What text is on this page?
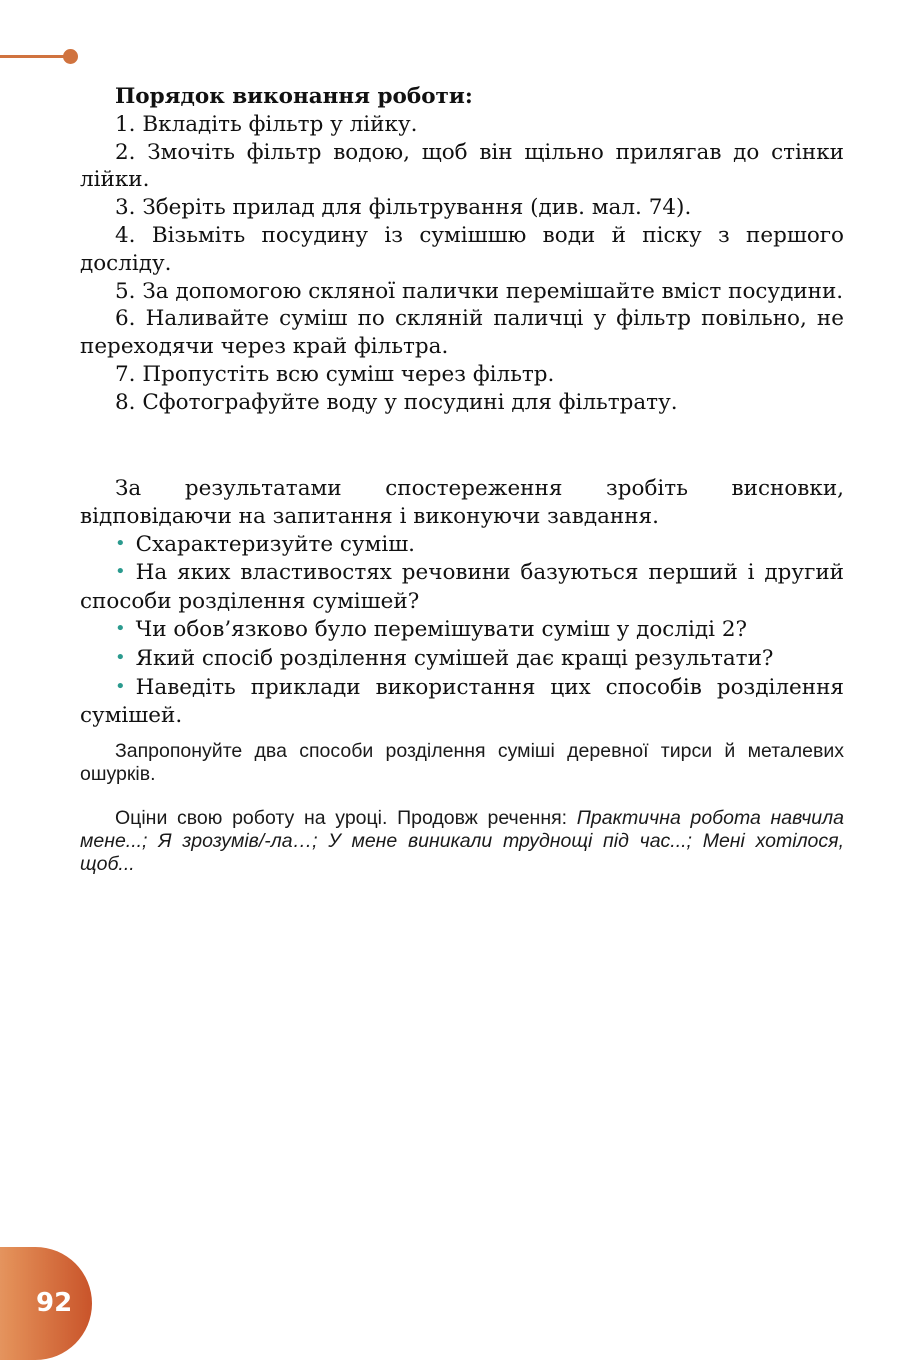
Порядок виконання роботи:

1. Вкладіть фільтр у лійку.

2. Змочіть фільтр водою, щоб він щільно прилягав до стінки лійки.

3. Зберіть прилад для фільтрування (див. мал. 74).

4. Візьміть посудину із сумішшю води й піску з першого досліду.

5. За допомогою скляної палички перемішайте вміст посудини.

6. Наливайте суміш по скляній паличці у фільтр повільно, не переходячи через край фільтра.

7. Пропустіть всю суміш через фільтр.

8. Сфотографуйте воду у посудині для фільтрату.

За результатами спостереження зробіть висновки, відповідаючи на запитання і виконуючи завдання.

• Схарактеризуйте суміш.

• На яких властивостях речовини базуються перший і другий способи розділення сумішей?

• Чи обов’язково було перемішувати суміш у досліді 2?

• Який спосіб розділення сумішей дає кращі результати?

• Наведіть приклади використання цих способів розділення сумішей.

Запропонуйте два способи розділення суміші деревної тирси й металевих ошурків.

Оціни свою роботу на уроці. Продовж речення: Практична робота навчила мене...; Я зрозумів/-ла…; У мене виникали труднощі під час...; Мені хотілося, щоб...

92
